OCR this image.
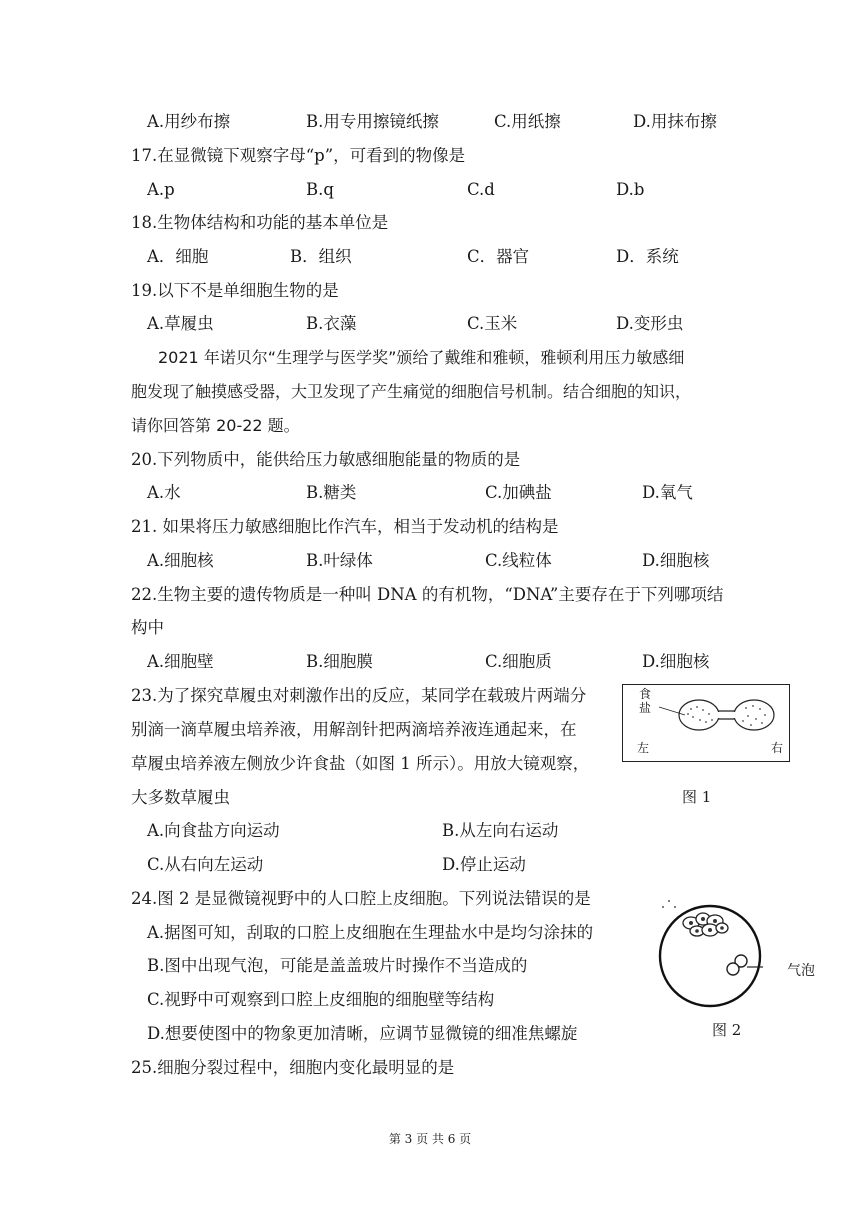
A.用纱布擦	B.用专用擦镜纸擦	C.用纸擦	D.用抹布擦
17.在显微镜下观察字母“p”，可看到的物像是
A.p	B.q	C.d	D.b
18.生物体结构和功能的基本单位是
A．细胞	B．组织	C．器官	D．系统
19.以下不是单细胞生物的是
A.草履虫	B.衣藻	C.玉米	D.变形虫
2021 年诺贝尔“生理学与医学奖”颁给了戴维和雅顿，雅顿利用压力敏感细
胞发现了触摸感受器，大卫发现了产生痛觉的细胞信号机制。结合细胞的知识，
请你回答第 20-22 题。
20.下列物质中，能供给压力敏感细胞能量的物质的是
A.水	B.糖类	C.加碘盐	D.氧气
21. 如果将压力敏感细胞比作汽车，相当于发动机的结构是
A.细胞核	B.叶绿体	C.线粒体	D.细胞核
22.生物主要的遗传物质是一种叫 DNA 的有机物，“DNA”主要存在于下列哪项结
构中
A.细胞壁	B.细胞膜	C.细胞质	D.细胞核
23.为了探究草履虫对刺激作出的反应，某同学在载玻片两端分
别滴一滴草履虫培养液，用解剖针把两滴培养液连通起来，在
草履虫培养液左侧放少许食盐（如图 1 所示）。用放大镜观察，
大多数草履虫
A.向食盐方向运动	B.从左向右运动
C.从右向左运动	D.停止运动
食盐
左	右
图 1
24.图 2 是显微镜视野中的人口腔上皮细胞。下列说法错误的是
A.据图可知，刮取的口腔上皮细胞在生理盐水中是均匀涂抹的
B.图中出现气泡，可能是盖盖玻片时操作不当造成的
C.视野中可观察到口腔上皮细胞的细胞壁等结构
D.想要使图中的物象更加清晰，应调节显微镜的细准焦螺旋
气泡
图 2
25.细胞分裂过程中，细胞内变化最明显的是
第 3 页 共 6 页
